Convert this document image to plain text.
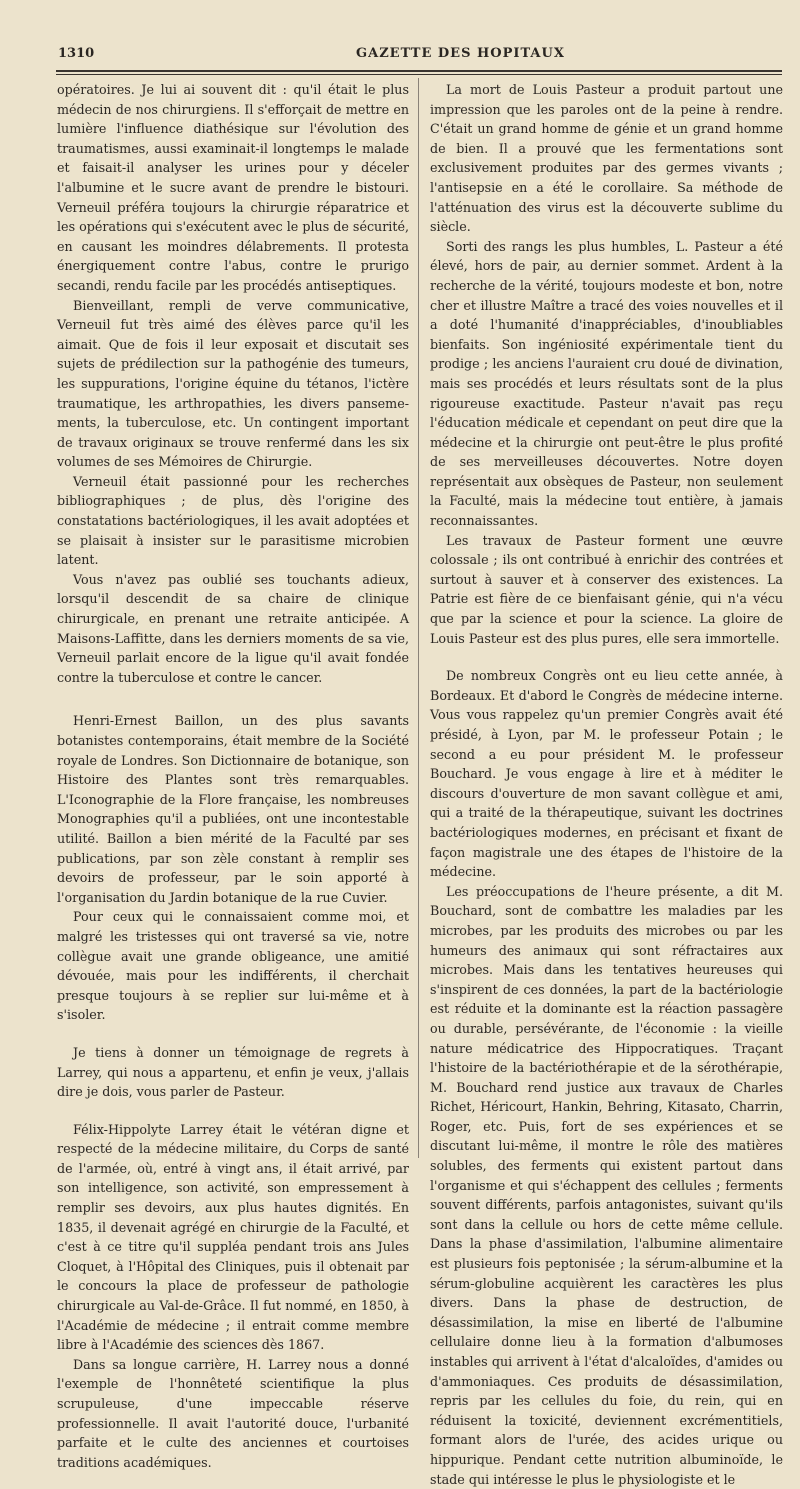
1310	GAZETTE DES HOPITAUX

opératoires. Je lui ai souvent dit : qu'il était le plus médecin de nos chirurgiens. Il s'efforçait de mettre en lumière l'influence diathésique sur l'évolution des traumatismes, aussi examinait-il longtemps le malade et faisait-il analyser les urines pour y déceler l'albumine et le sucre avant de prendre le bistouri. Verneuil préféra toujours la chirurgie réparatrice et les opérations qui s'exécutent avec le plus de sécurité, en causant les moindres délabrements. Il protesta énergiquement contre l'abus, contre le prurigo secandi, rendu facile par les procédés antiseptiques.

Bienveillant, rempli de verve communicative, Verneuil fut très aimé des élèves parce qu'il les aimait. Que de fois il leur exposait et discutait ses sujets de prédilection sur la pathogénie des tumeurs, les suppurations, l'origine équine du tétanos, l'ictère traumatique, les arthropathies, les divers panseme-ments, la tuberculose, etc. Un contingent important de travaux originaux se trouve renfermé dans les six volumes de ses Mémoires de Chirurgie.

Verneuil était passionné pour les recherches bibliographiques ; de plus, dès l'origine des constatations bactériologiques, il les avait adoptées et se plaisait à insister sur le parasitisme microbien latent.

Vous n'avez pas oublié ses touchants adieux, lorsqu'il descendit de sa chaire de clinique chirurgicale, en prenant une retraite anticipée. A Maisons-Laffitte, dans les derniers moments de sa vie, Verneuil parlait encore de la ligue qu'il avait fondée contre la tuberculose et contre le cancer.

Henri-Ernest Baillon, un des plus savants botanistes contemporains, était membre de la Société royale de Londres. Son Dictionnaire de botanique, son Histoire des Plantes sont très remarquables. L'Iconographie de la Flore française, les nombreuses Monographies qu'il a publiées, ont une incontestable utilité. Baillon a bien mérité de la Faculté par ses publications, par son zèle constant à remplir ses devoirs de professeur, par le soin apporté à l'organisation du Jardin botanique de la rue Cuvier.

Pour ceux qui le connaissaient comme moi, et malgré les tristesses qui ont traversé sa vie, notre collègue avait une grande obligeance, une amitié dévouée, mais pour les indifférents, il cherchait presque toujours à se replier sur lui-même et à s'isoler.

Je tiens à donner un témoignage de regrets à Larrey, qui nous a appartenu, et enfin je veux, j'allais dire je dois, vous parler de Pasteur.

Félix-Hippolyte Larrey était le vétéran digne et respecté de la médecine militaire, du Corps de santé de l'armée, où, entré à vingt ans, il était arrivé, par son intelligence, son activité, son empressement à remplir ses devoirs, aux plus hautes dignités. En 1835, il devenait agrégé en chirurgie de la Faculté, et c'est à ce titre qu'il suppléa pendant trois ans Jules Cloquet, à l'Hôpital des Cliniques, puis il obtenait par le concours la place de professeur de pathologie chirurgicale au Val-de-Grâce. Il fut nommé, en 1850, à l'Académie de médecine ; il entrait comme membre libre à l'Académie des sciences dès 1867.

Dans sa longue carrière, H. Larrey nous a donné l'exemple de l'honnêteté scientifique la plus scrupuleuse, d'une impeccable réserve professionnelle. Il avait l'autorité douce, l'urbanité parfaite et le culte des anciennes et courtoises traditions académiques.

La mort de Louis Pasteur a produit partout une impression que les paroles ont de la peine à rendre. C'était un grand homme de génie et un grand homme de bien. Il a prouvé que les fermentations sont exclusivement produites par des germes vivants ; l'antisepsie en a été le corollaire. Sa méthode de l'atténuation des virus est la découverte sublime du siècle.

Sorti des rangs les plus humbles, L. Pasteur a été élevé, hors de pair, au dernier sommet. Ardent à la recherche de la vérité, toujours modeste et bon, notre cher et illustre Maître a tracé des voies nouvelles et il a doté l'humanité d'inappréciables, d'inoubliables bienfaits. Son ingéniosité expérimentale tient du prodige ; les anciens l'auraient cru doué de divination, mais ses procédés et leurs résultats sont de la plus rigoureuse exactitude. Pasteur n'avait pas reçu l'éducation médicale et cependant on peut dire que la médecine et la chirurgie ont peut-être le plus profité de ses merveilleuses découvertes. Notre doyen représentait aux obsèques de Pasteur, non seulement la Faculté, mais la médecine tout entière, à jamais reconnaissantes.

Les travaux de Pasteur forment une œuvre colossale ; ils ont contribué à enrichir des contrées et surtout à sauver et à conserver des existences. La Patrie est fière de ce bienfaisant génie, qui n'a vécu que par la science et pour la science. La gloire de Louis Pasteur est des plus pures, elle sera immortelle.

De nombreux Congrès ont eu lieu cette année, à Bordeaux. Et d'abord le Congrès de médecine interne. Vous vous rappelez qu'un premier Congrès avait été présidé, à Lyon, par M. le professeur Potain ; le second a eu pour président M. le professeur Bouchard. Je vous engage à lire et à méditer le discours d'ouverture de mon savant collègue et ami, qui a traité de la thérapeutique, suivant les doctrines bactériologiques modernes, en précisant et fixant de façon magistrale une des étapes de l'histoire de la médecine.

Les préoccupations de l'heure présente, a dit M. Bouchard, sont de combattre les maladies par les microbes, par les produits des microbes ou par les humeurs des animaux qui sont réfractaires aux microbes. Mais dans les tentatives heureuses qui s'inspirent de ces données, la part de la bactériologie est réduite et la dominante est la réaction passagère ou durable, persévérante, de l'économie : la vieille nature médicatrice des Hippocratiques. Traçant l'histoire de la bactériothérapie et de la sérothérapie, M. Bouchard rend justice aux travaux de Charles Richet, Héricourt, Hankin, Behring, Kitasato, Charrin, Roger, etc. Puis, fort de ses expériences et se discutant lui-même, il montre le rôle des matières solubles, des ferments qui existent partout dans l'organisme et qui s'échappent des cellules ; ferments souvent différents, parfois antagonistes, suivant qu'ils sont dans la cellule ou hors de cette même cellule. Dans la phase d'assimilation, l'albumine alimentaire est plusieurs fois peptonisée ; la sérum-albumine et la sérum-globuline acquièrent les caractères les plus divers. Dans la phase de destruction, de désassimilation, la mise en liberté de l'albumine cellulaire donne lieu à la formation d'albumoses instables qui arrivent à l'état d'alcaloïdes, d'amides ou d'ammoniaques. Ces produits de désassimilation, repris par les cellules du foie, du rein, qui en réduisent la toxicité, deviennent excrémentitiels, formant alors de l'urée, des acides urique ou hippurique. Pendant cette nutrition albuminoïde, le stade qui intéresse le plus le physiologiste et le
